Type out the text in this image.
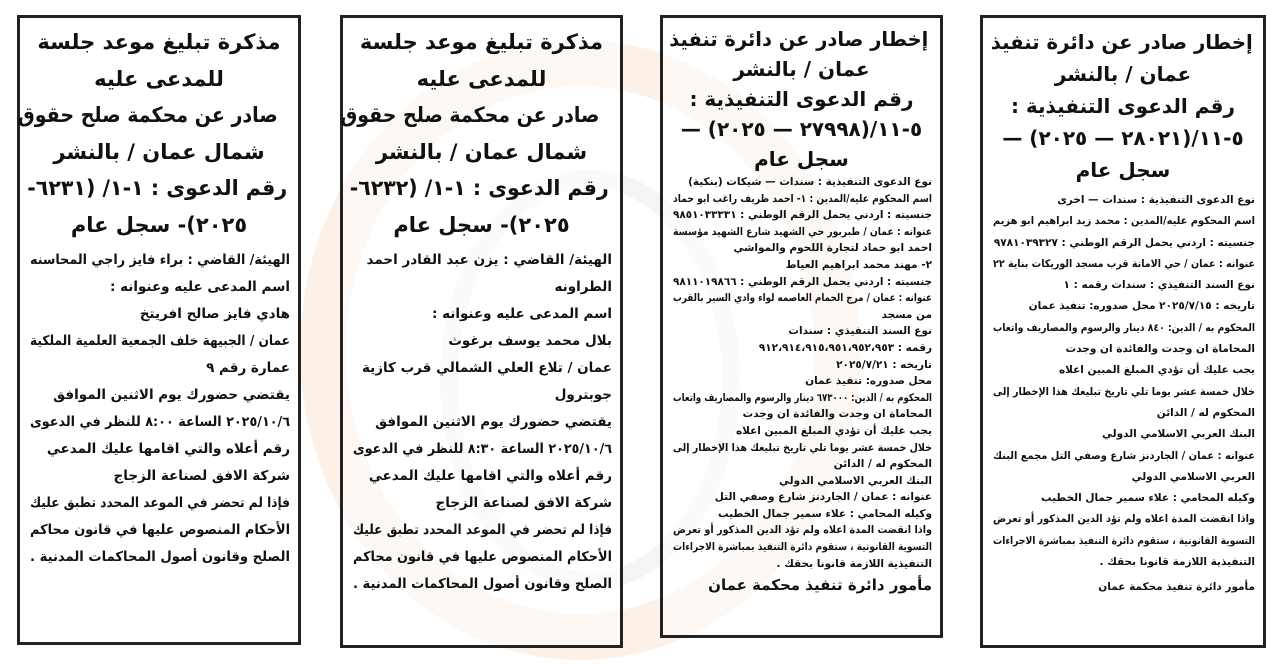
إخطار صادر عن دائرة تنفيذ
عمان / بالنشر
رقم الدعوى التنفيذية :
٥-١١/(٢٨٠٢١ — ٢٠٢٥) —
سجل عام
نوع الدعوى التنفيذية : سندات — اخرى
اسم المحكوم عليه/المدين : محمد زيد ابراهيم ابو هزيم
جنسيته : اردني يحمل الرقم الوطني : ٩٧٨١٠٣٩٣٢٧
عنوانه : عمان / حي الامانة قرب مسجد الوريكات بناية ٢٢
نوع السند التنفيذي : سندات رقمه : ١
تاريخه : ٢٠٢٥/٧/١٥ محل صدوره: تنفيذ عمان
المحكوم به / الدين: ٨٤٠ دينار والرسوم والمصاريف واتعاب
المحاماة ان وجدت والفائدة ان وجدت
يجب عليك أن تؤدي المبلغ المبين اعلاه
خلال خمسة عشر يوما تلي تاريخ تبليغك هذا الإخطار إلى
المحكوم له / الدائن
البنك العربي الاسلامي الدولي
عنوانه : عمان / الجاردنز شارع وصفي التل مجمع البنك
العربي الاسلامي الدولي
وكيله المحامي : علاء سمير جمال الخطيب
واذا انقضت المدة اعلاه ولم تؤد الدين المذكور أو تعرض
التسوية القانونية ، ستقوم دائرة التنفيذ بمباشرة الاجراءات
التنفيذية اللازمة قانونا بحقك .
مأمور دائرة تنفيذ محكمة عمان
إخطار صادر عن دائرة تنفيذ
عمان / بالنشر
رقم الدعوى التنفيذية :
٥-١١/(٢٧٩٩٨ — ٢٠٢٥) —
سجل عام
نوع الدعوى التنفيذية : سندات — شيكات (بنكية)
اسم المحكوم عليه/المدين : ١- احمد ظريف راغب ابو حماد
جنسيته : اردني يحمل الرقم الوطني : ٩٨٥١٠٣٣٣٣١
عنوانه : عمان / طبربور حي الشهيد شارع الشهيد مؤسسة
احمد ابو حماد لتجارة اللحوم والمواشي
٢- مهند محمد ابراهيم العياط
جنسيته : اردني يحمل الرقم الوطني : ٩٨١١٠١٩٨٦٦
عنوانه : عمان / مرج الحمام العاصمه لواء وادي السير بالقرب
من مسجد
نوع السند التنفيذي : سندات
رقمه : ٩١٢،٩١٤،٩١٥،٩٥١،٩٥٢،٩٥٣
تاريخه : ٢٠٢٥/٧/٢١
محل صدوره: تنفيذ عمان
المحكوم به / الدين: ٦٧٣٠٠٠ دينار والرسوم والمصاريف واتعاب
المحاماة ان وجدت والفائدة ان وجدت
يجب عليك أن تؤدي المبلغ المبين اعلاه
خلال خمسة عشر يوما تلي تاريخ تبليغك هذا الإخطار إلى
المحكوم له / الدائن
البنك العربي الاسلامي الدولي
عنوانه : عمان / الجاردنز شارع وصفي التل
وكيله المحامي : علاء سمير جمال الخطيب
واذا انقضت المدة اعلاه ولم تؤد الدين المذكور أو تعرض
التسوية القانونية ، ستقوم دائرة التنفيذ بمباشرة الاجراءات
التنفيذية اللازمة قانونا بحقك .
مأمور دائرة تنفيذ محكمة عمان
مذكرة تبليغ موعد جلسة
للمدعى عليه
صادر عن محكمة صلح حقوق
شمال عمان / بالنشر
رقم الدعوى : ١-١/ (٦٢٣٢-
٢٠٢٥)- سجل عام
الهيئة/ القاضي : يزن عبد القادر احمد
الطراونه
اسم المدعى عليه وعنوانه :
بلال محمد يوسف برغوث
عمان / تلاع العلي الشمالي قرب كازية
جوبترول
يقتضي حضورك يوم الاثنين الموافق
٢٠٢٥/١٠/٦ الساعة ٨:٣٠ للنظر في الدعوى
رقم أعلاه والتي اقامها عليك المدعي
شركة الافق لصناعة الزجاج
فإذا لم تحضر في الموعد المحدد تطبق عليك
الأحكام المنصوص عليها في قانون محاكم
الصلح وقانون أصول المحاكمات المدنية .
مذكرة تبليغ موعد جلسة
للمدعى عليه
صادر عن محكمة صلح حقوق
شمال عمان / بالنشر
رقم الدعوى : ١-١/ (٦٢٣١-
٢٠٢٥)- سجل عام
الهيئة/ القاضي : براء فايز راجي المحاسنه
اسم المدعى عليه وعنوانه :
هادي فايز صالح افريتخ
عمان / الجبيهة خلف الجمعية العلمية الملكية
عمارة رقم ٩
يقتضي حضورك يوم الاثنين الموافق
٢٠٢٥/١٠/٦ الساعة ٨:٠٠ للنظر في الدعوى
رقم أعلاه والتي اقامها عليك المدعي
شركة الافق لصناعة الزجاج
فإذا لم تحضر في الموعد المحدد تطبق عليك
الأحكام المنصوص عليها في قانون محاكم
الصلح وقانون أصول المحاكمات المدنية .
